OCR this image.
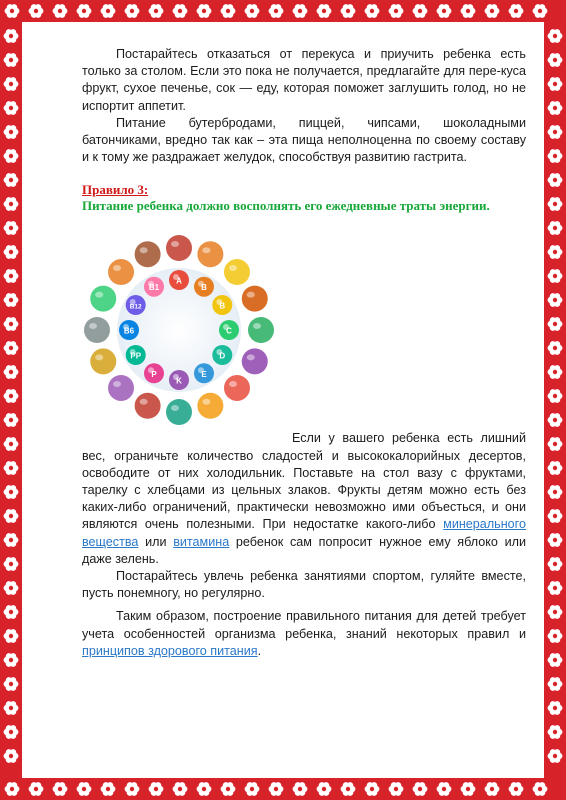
Постарайтесь отказаться от перекуса и приучить ребенка есть только за столом. Если это пока не получается, предлагайте для пере-куса фрукт, сухое печенье, сок — еду, которая поможет заглушить голод, но не испортит аппетит.

Питание бутербродами, пиццей, чипсами, шоколадными батончиками, вредно так как – эта пища неполноценна по своему составу и к тому же раздражает желудок, способствуя развитию гастрита.

Правило 3:

Питание ребенка должно восполнять его ежедневные траты энергии.

A
B
B
C
D
E
K
P
PP
B6
B12
B1

Если у вашего ребенка есть лишний вес, ограничьте количество сладостей и высококалорийных десертов, освободите от них холодильник. Поставьте на стол вазу с фруктами, тарелку с хлебцами из цельных злаков. Фрукты детям можно есть без каких-либо ограничений, практически невозможно ими объесться, и они являются очень полезными. При недостатке какого-либо минерального вещества или витамина ребенок сам попросит нужное ему яблоко или даже зелень.

Постарайтесь увлечь ребенка занятиями спортом, гуляйте вместе, пусть понемногу, но регулярно.

Таким образом, построение правильного питания для детей требует учета особенностей организма ребенка, знаний некоторых правил и принципов здорового питания.
